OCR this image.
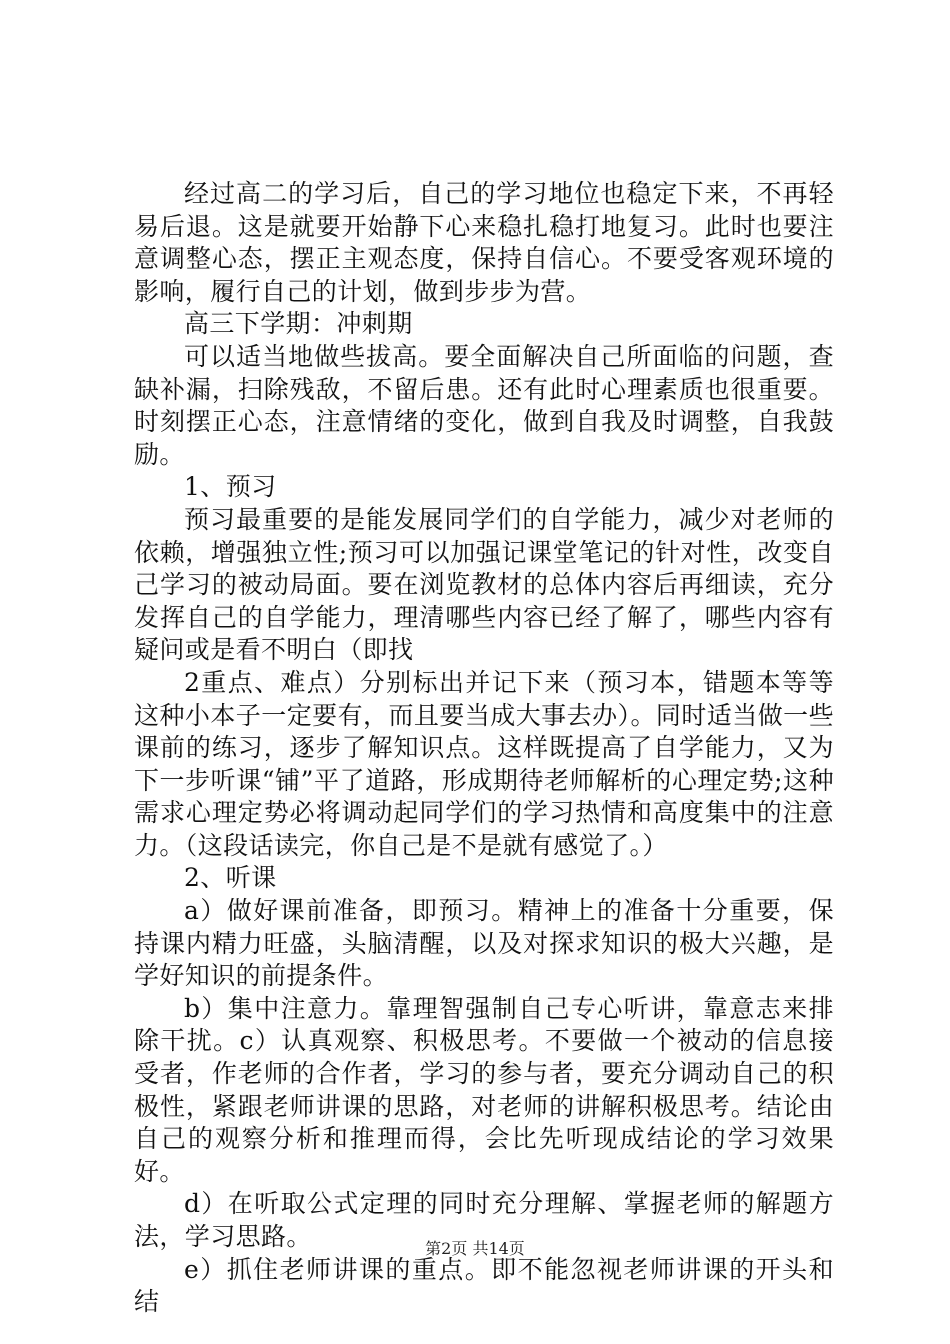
经过高二的学习后，自己的学习地位也稳定下来，不再轻易后退。这是就要开始静下心来稳扎稳打地复习。此时也要注意调整心态，摆正主观态度，保持自信心。不要受客观环境的影响，履行自己的计划，做到步步为营。

高三下学期：冲刺期

可以适当地做些拔高。要全面解决自己所面临的问题，查缺补漏，扫除残敌，不留后患。还有此时心理素质也很重要。时刻摆正心态，注意情绪的变化，做到自我及时调整，自我鼓励。

1、预习

预习最重要的是能发展同学们的自学能力，减少对老师的依赖，增强独立性;预习可以加强记课堂笔记的针对性，改变自己学习的被动局面。要在浏览教材的总体内容后再细读，充分发挥自己的自学能力，理清哪些内容已经了解了，哪些内容有疑问或是看不明白（即找

2重点、难点）分别标出并记下来（预习本，错题本等等这种小本子一定要有，而且要当成大事去办）。同时适当做一些课前的练习，逐步了解知识点。这样既提高了自学能力，又为下一步听课“铺”平了道路，形成期待老师解析的心理定势;这种需求心理定势必将调动起同学们的学习热情和高度集中的注意力。（这段话读完，你自己是不是就有感觉了。）

2、听课

a）做好课前准备，即预习。精神上的准备十分重要，保持课内精力旺盛，头脑清醒，以及对探求知识的极大兴趣，是学好知识的前提条件。

b）集中注意力。靠理智强制自己专心听讲，靠意志来排除干扰。c）认真观察、积极思考。不要做一个被动的信息接受者，作老师的合作者，学习的参与者，要充分调动自己的积极性，紧跟老师讲课的思路，对老师的讲解积极思考。结论由自己的观察分析和推理而得，会比先听现成结论的学习效果好。

d）在听取公式定理的同时充分理解、掌握老师的解题方法，学习思路。

e）抓住老师讲课的重点。即不能忽视老师讲课的开头和结

第2页 共14页
